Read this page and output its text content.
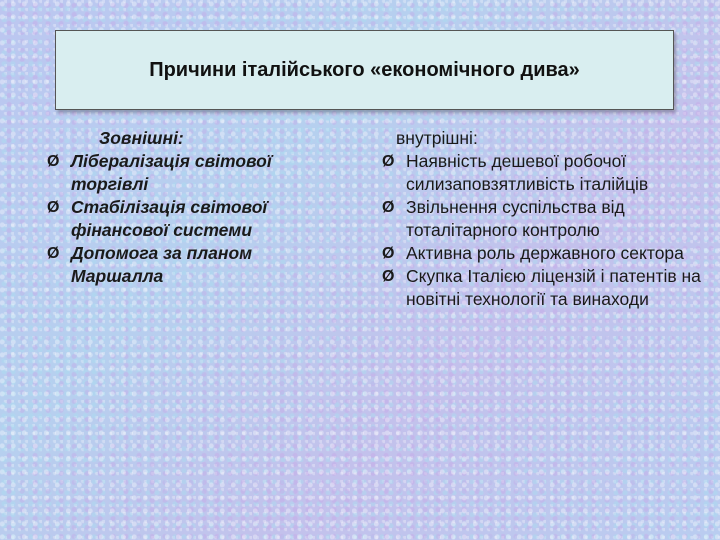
Причини італійського «економічного дива»
Зовнішні:
Ø Лібералізація світової торгівлі
Ø Стабілізація світової фінансової системи
Ø Допомога за планом Маршалла
внутрішні:
Ø Наявність дешевої робочої силизаповзятливість італійців
Ø Звільнення суспільства від тоталітарного контролю
Ø Активна роль державного сектора
Ø Скупка Італією ліцензій і патентів на новітні технології та винаходи
